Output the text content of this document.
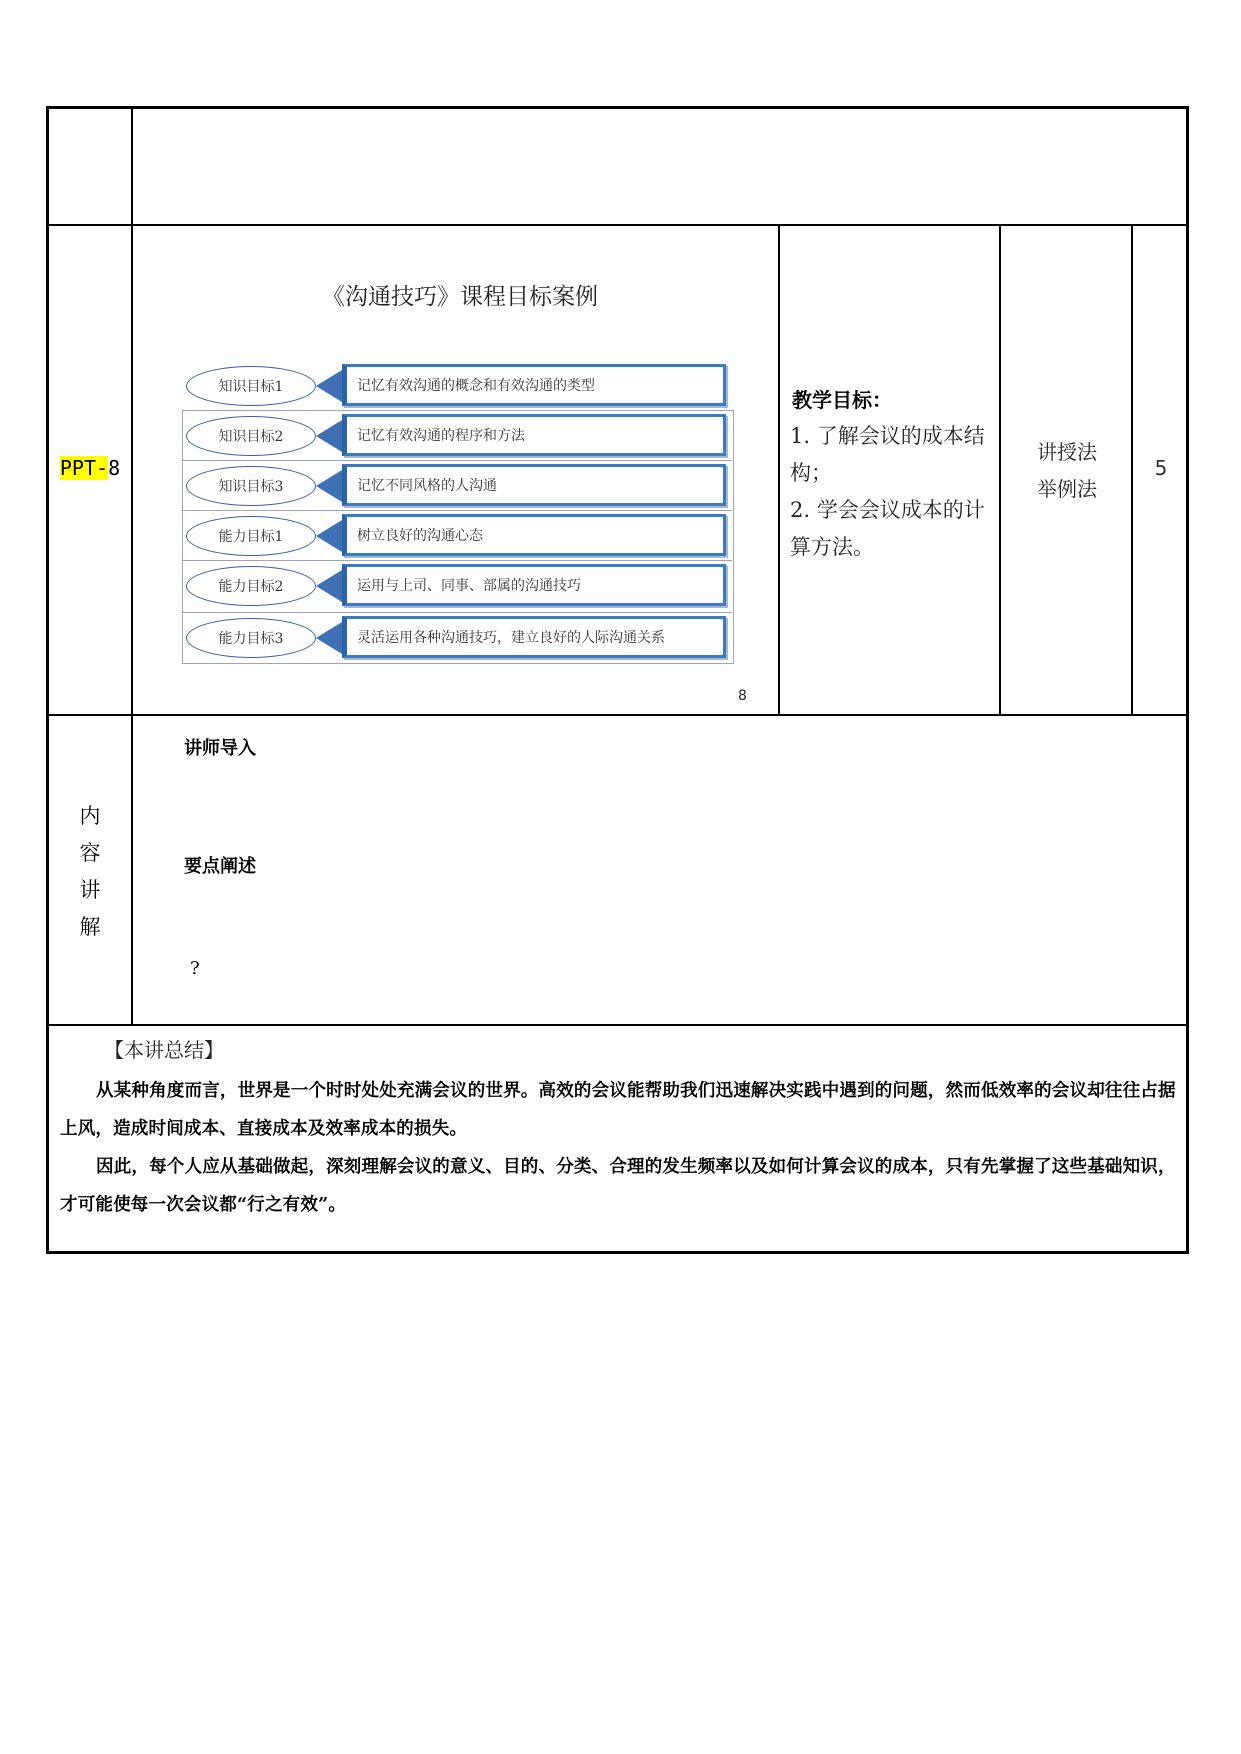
PPT-8
《沟通技巧》课程目标案例
知识目标1	记忆有效沟通的概念和有效沟通的类型
知识目标2	记忆有效沟通的程序和方法
知识目标3	记忆不同风格的人沟通
能力目标1	树立良好的沟通心态
能力目标2	运用与上司、同事、部属的沟通技巧
能力目标3	灵活运用各种沟通技巧，建立良好的人际沟通关系
8
教学目标：
1. 了解会议的成本结构；
2. 学会会议成本的计算方法。
讲授法
举例法
5
内
容
讲
解
讲师导入
要点阐述
?
【本讲总结】
从某种角度而言，世界是一个时时处处充满会议的世界。高效的会议能帮助我们迅速解决实践中遇到的问题，然而低效率的会议却往往占据上风，造成时间成本、直接成本及效率成本的损失。
因此，每个人应从基础做起，深刻理解会议的意义、目的、分类、合理的发生频率以及如何计算会议的成本，只有先掌握了这些基础知识，才可能使每一次会议都“行之有效”。
